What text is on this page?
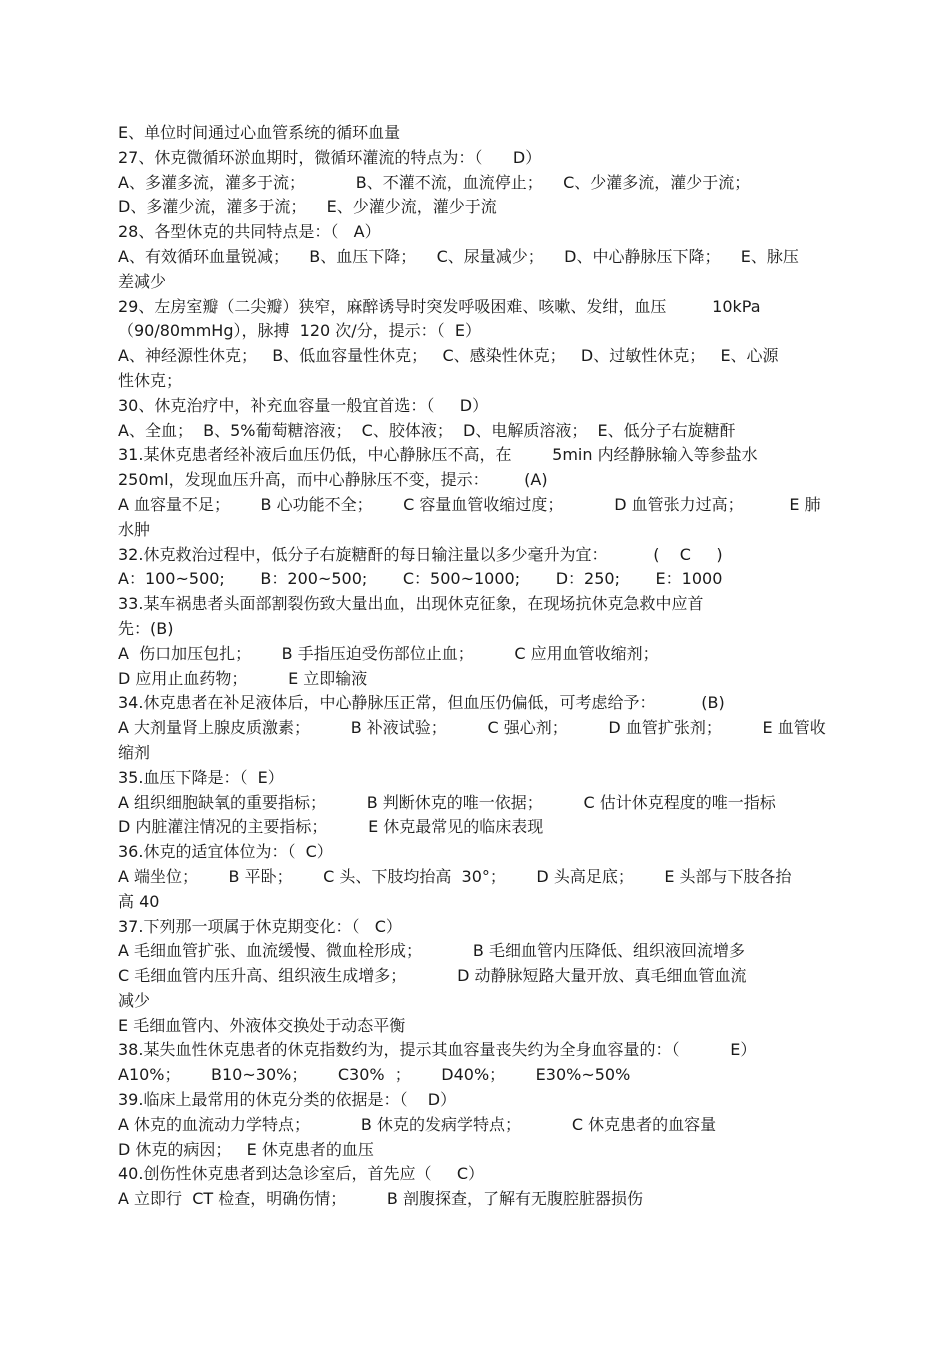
E、单位时间通过心血管系统的循环血量
27、休克微循环淤血期时，微循环灌流的特点为：（      D）
A、多灌多流，灌多于流；          B、不灌不流，血流停止；    C、少灌多流，灌少于流；
D、多灌少流，灌多于流；    E、少灌少流，灌少于流
28、各型休克的共同特点是：（   A）
A、有效循环血量锐减；    B、血压下降；    C、尿量减少；    D、中心静脉压下降；    E、脉压
差减少
29、左房室瓣（二尖瓣）狭窄，麻醉诱导时突发呼吸困难、咳嗽、发绀，血压         10kPa
（90/80mmHg），脉搏  120 次/分，提示：（  E）
A、神经源性休克；   B、低血容量性休克；   C、感染性休克；   D、过敏性休克；   E、心源
性休克；
30、休克治疗中，补充血容量一般宜首选：（     D）
A、全血；  B、5%葡萄糖溶液；  C、胶体液；  D、电解质溶液；  E、低分子右旋糖酐
31.某休克患者经补液后血压仍低，中心静脉压不高，在        5min 内经静脉输入等参盐水
250ml，发现血压升高，而中心静脉压不变，提示：       (A)
A 血容量不足；      B 心功能不全；      C 容量血管收缩过度；          D 血管张力过高；         E 肺
水肿
32.休克救治过程中，低分子右旋糖酐的每日输注量以多少毫升为宜：         (    C     )
A：100~500;       B：200~500;       C：500~1000;       D：250;       E：1000
33.某车祸患者头面部割裂伤致大量出血，出现休克征象，在现场抗休克急救中应首
先：(B)
A  伤口加压包扎；      B 手指压迫受伤部位止血；        C 应用血管收缩剂；
D 应用止血药物；        E 立即输液
34.休克患者在补足液体后，中心静脉压正常，但血压仍偏低，可考虑给予：         (B)
A 大剂量肾上腺皮质激素；        B 补液试验；        C 强心剂；        D 血管扩张剂；        E 血管收
缩剂
35.血压下降是：（  E）
A 组织细胞缺氧的重要指标；        B 判断休克的唯一依据；        C 估计休克程度的唯一指标
D 内脏灌注情况的主要指标；        E 休克最常见的临床表现
36.休克的适宜体位为：（  C）
A 端坐位；      B 平卧；      C 头、下肢均抬高  30°；      D 头高足底；      E 头部与下肢各抬
高 40
37.下列那一项属于休克期变化：（   C）
A 毛细血管扩张、血流缓慢、微血栓形成；          B 毛细血管内压降低、组织液回流增多
C 毛细血管内压升高、组织液生成增多；          D 动静脉短路大量开放、真毛细血管血流
减少
E 毛细血管内、外液体交换处于动态平衡
38.某失血性休克患者的休克指数约为，提示其血容量丧失约为全身血容量的：（          E）
A10%；      B10~30%；      C30%  ；      D40%；      E30%~50%
39.临床上最常用的休克分类的依据是：（    D）
A 休克的血流动力学特点；          B 休克的发病学特点；          C 休克患者的血容量
D 休克的病因；   E 休克患者的血压
40.创伤性休克患者到达急诊室后，首先应（     C）
A 立即行  CT 检查，明确伤情；        B 剖腹探查，了解有无腹腔脏器损伤
